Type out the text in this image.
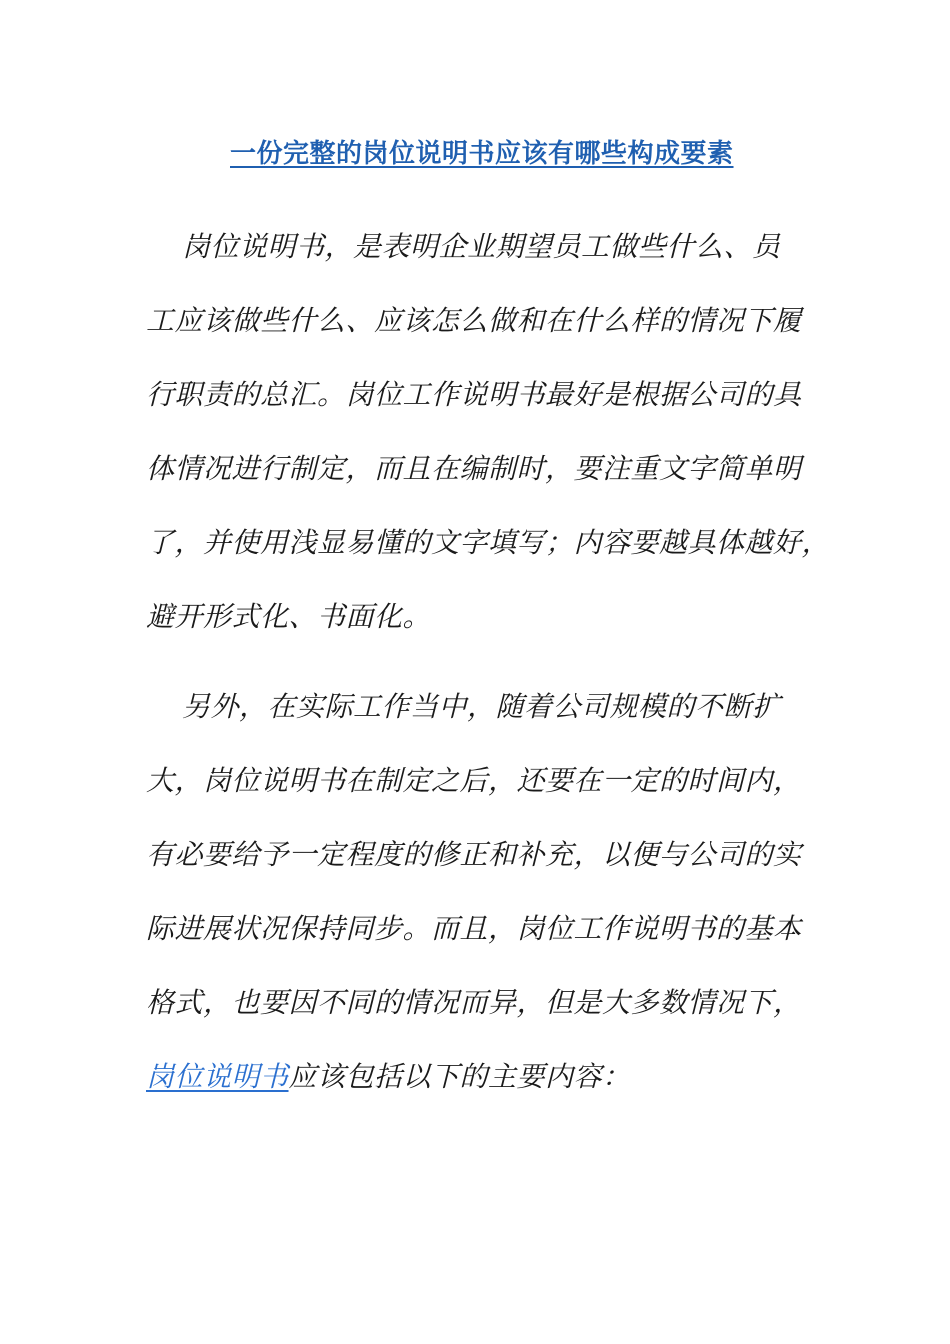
一份完整的岗位说明书应该有哪些构成要素
岗位说明书，是表明企业期望员工做些什么、员
工应该做些什么、应该怎么做和在什么样的情况下履
行职责的总汇。岗位工作说明书最好是根据公司的具
体情况进行制定，而且在编制时，要注重文字简单明
了，并使用浅显易懂的文字填写；内容要越具体越好，
避开形式化、书面化。
另外，在实际工作当中，随着公司规模的不断扩
大，岗位说明书在制定之后，还要在一定的时间内，
有必要给予一定程度的修正和补充，以便与公司的实
际进展状况保持同步。而且，岗位工作说明书的基本
格式，也要因不同的情况而异，但是大多数情况下，
岗位说明书应该包括以下的主要内容：
